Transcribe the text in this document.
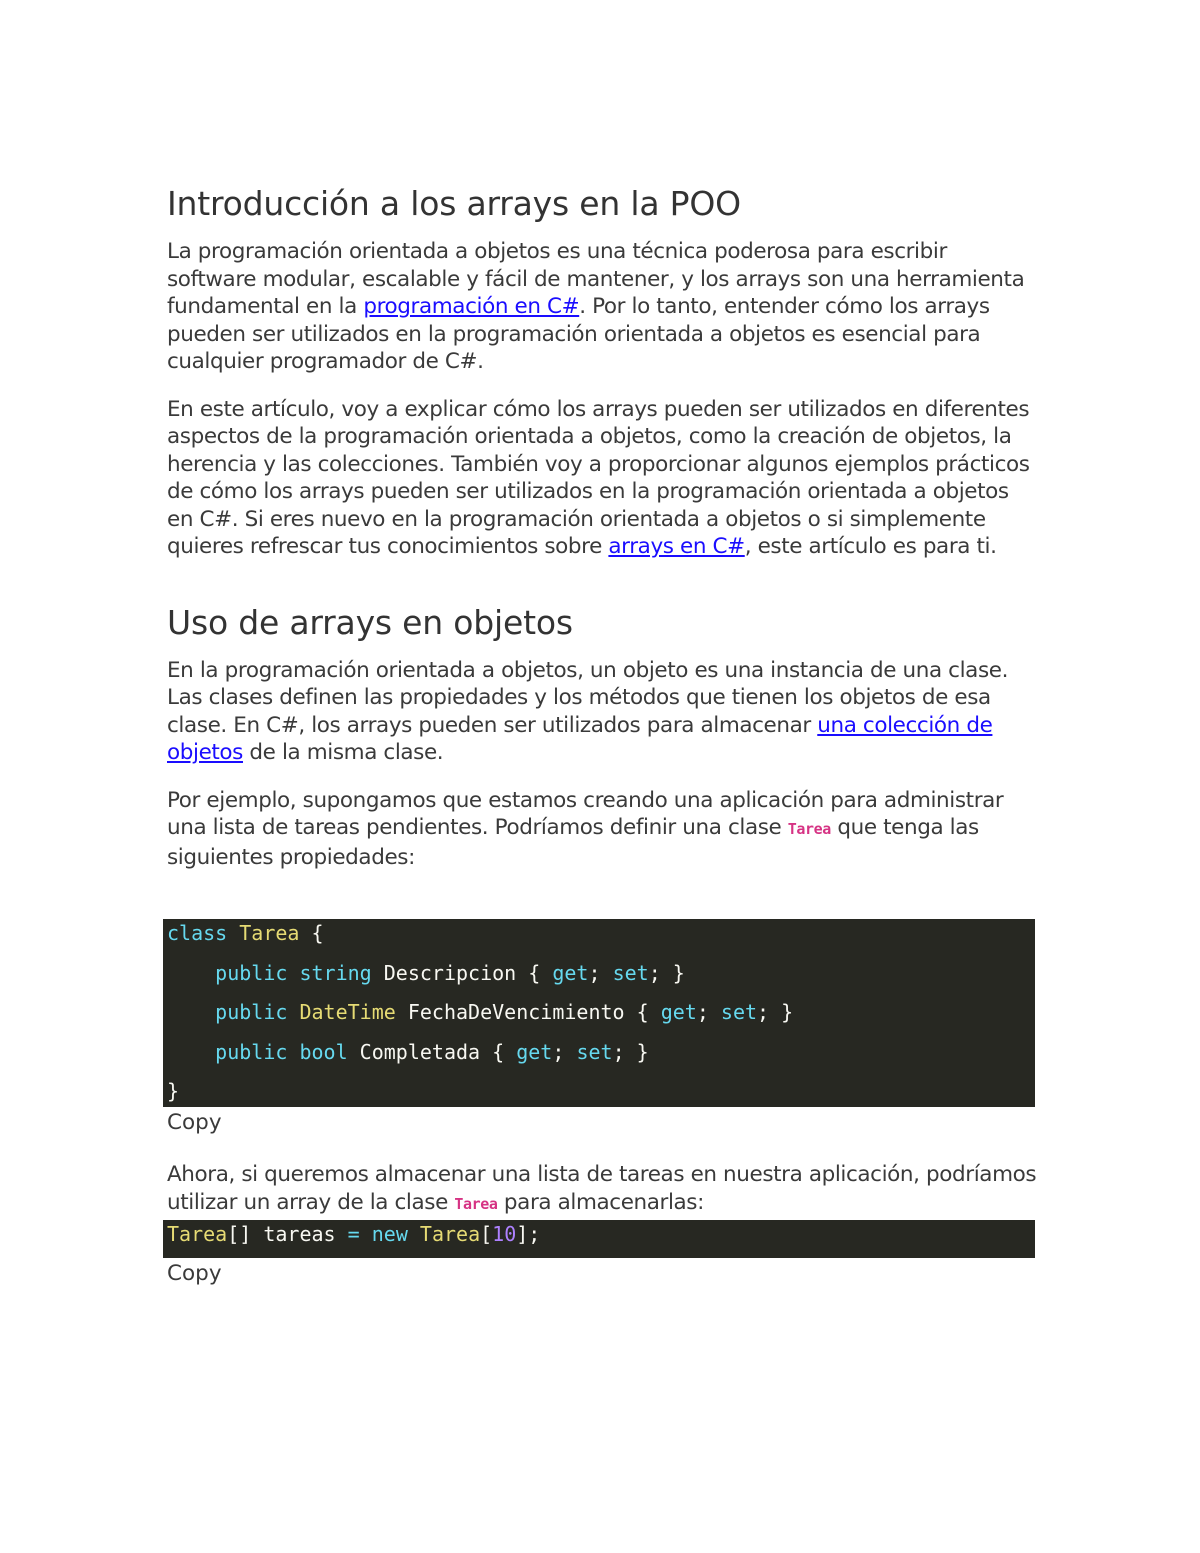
Introducción a los arrays en la POO

La programación orientada a objetos es una técnica poderosa para escribir software modular, escalable y fácil de mantener, y los arrays son una herramienta fundamental en la programación en C#. Por lo tanto, entender cómo los arrays pueden ser utilizados en la programación orientada a objetos es esencial para cualquier programador de C#.

En este artículo, voy a explicar cómo los arrays pueden ser utilizados en diferentes aspectos de la programación orientada a objetos, como la creación de objetos, la herencia y las colecciones. También voy a proporcionar algunos ejemplos prácticos de cómo los arrays pueden ser utilizados en la programación orientada a objetos en C#. Si eres nuevo en la programación orientada a objetos o si simplemente quieres refrescar tus conocimientos sobre arrays en C#, este artículo es para ti.

Uso de arrays en objetos

En la programación orientada a objetos, un objeto es una instancia de una clase. Las clases definen las propiedades y los métodos que tienen los objetos de esa clase. En C#, los arrays pueden ser utilizados para almacenar una colección de objetos de la misma clase.

Por ejemplo, supongamos que estamos creando una aplicación para administrar una lista de tareas pendientes. Podríamos definir una clase Tarea que tenga las siguientes propiedades:

class Tarea {
public string Descripcion { get; set; }
public DateTime FechaDeVencimiento { get; set; }
public bool Completada { get; set; }
}
Copy

Ahora, si queremos almacenar una lista de tareas en nuestra aplicación, podríamos utilizar un array de la clase Tarea para almacenarlas:

Tarea[] tareas = new Tarea[10];
Copy
